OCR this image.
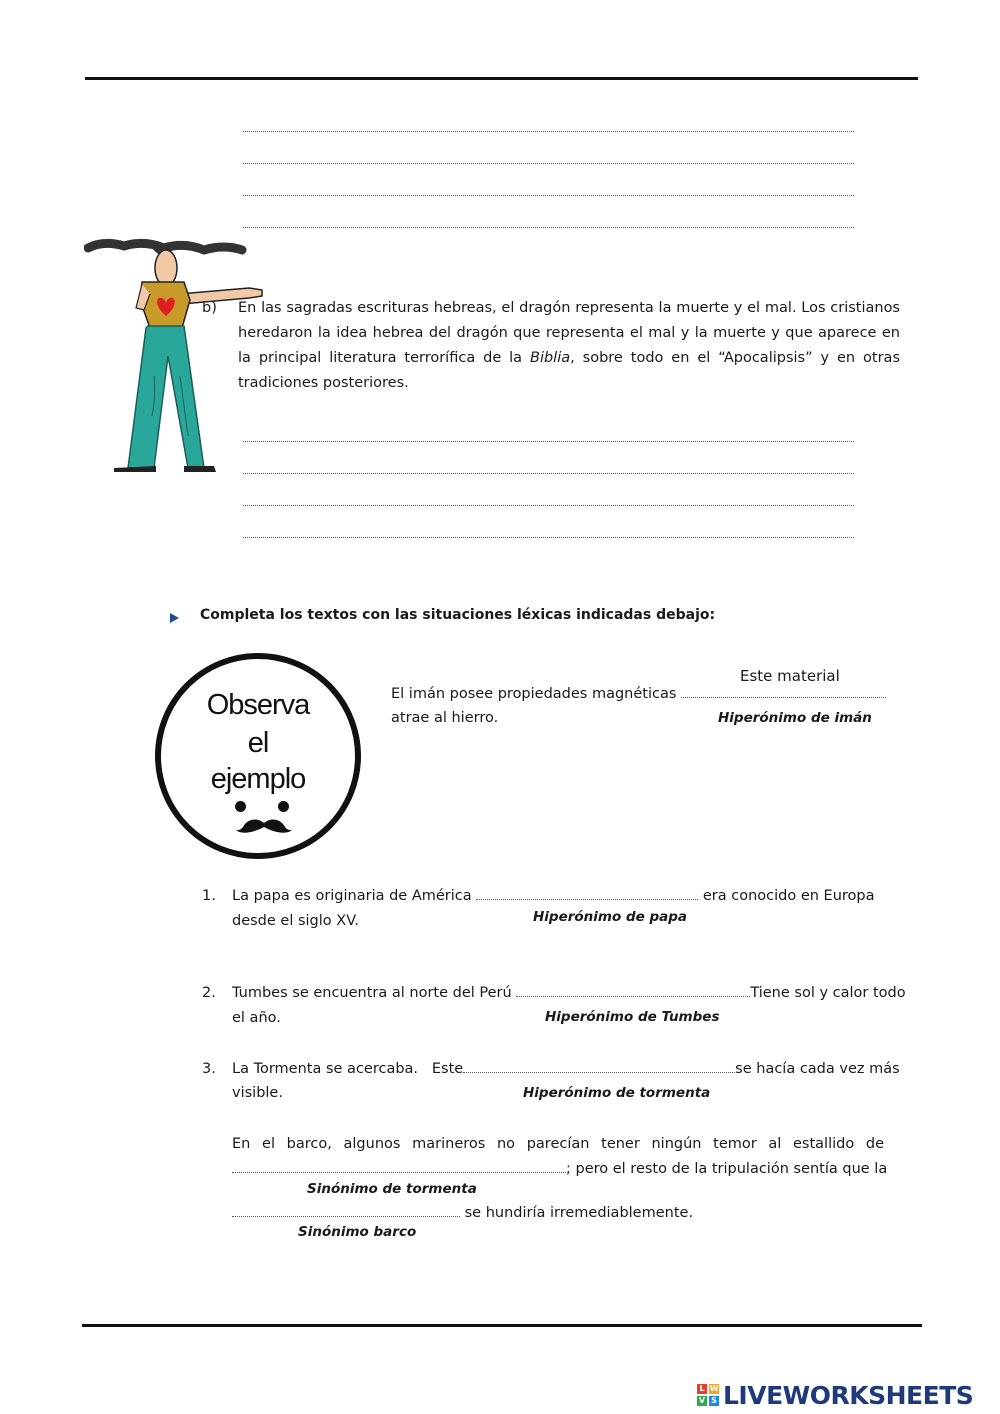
b) En las sagradas escrituras hebreas, el dragón representa la muerte y el mal. Los cristianos heredaron la idea hebrea del dragón que representa el mal y la muerte y que aparece en la principal literatura terrorífica de la Biblia, sobre todo en el “Apocalipsis” y en otras tradiciones posteriores.
Completa los textos con las situaciones léxicas indicadas debajo:
Observa
el
ejemplo
Este material
El imán posee propiedades magnéticas
atrae al hierro.	Hiperónimo de imán
1. La papa es originaria de América	era conocido en Europa
desde el siglo XV.	Hiperónimo de papa
2. Tumbes se encuentra al norte del Perú	Tiene sol y calor todo
el año.	Hiperónimo de Tumbes
3. La Tormenta se acercaba.   Este	se hacía cada vez más
visible.	Hiperónimo de tormenta
En el barco, algunos marineros no parecían tener ningún temor al estallido de
; pero el resto de la tripulación sentía que la
Sinónimo de tormenta
se hundiría irremediablemente.
Sinónimo barco
L W
V S LIVEWORKSHEETS
